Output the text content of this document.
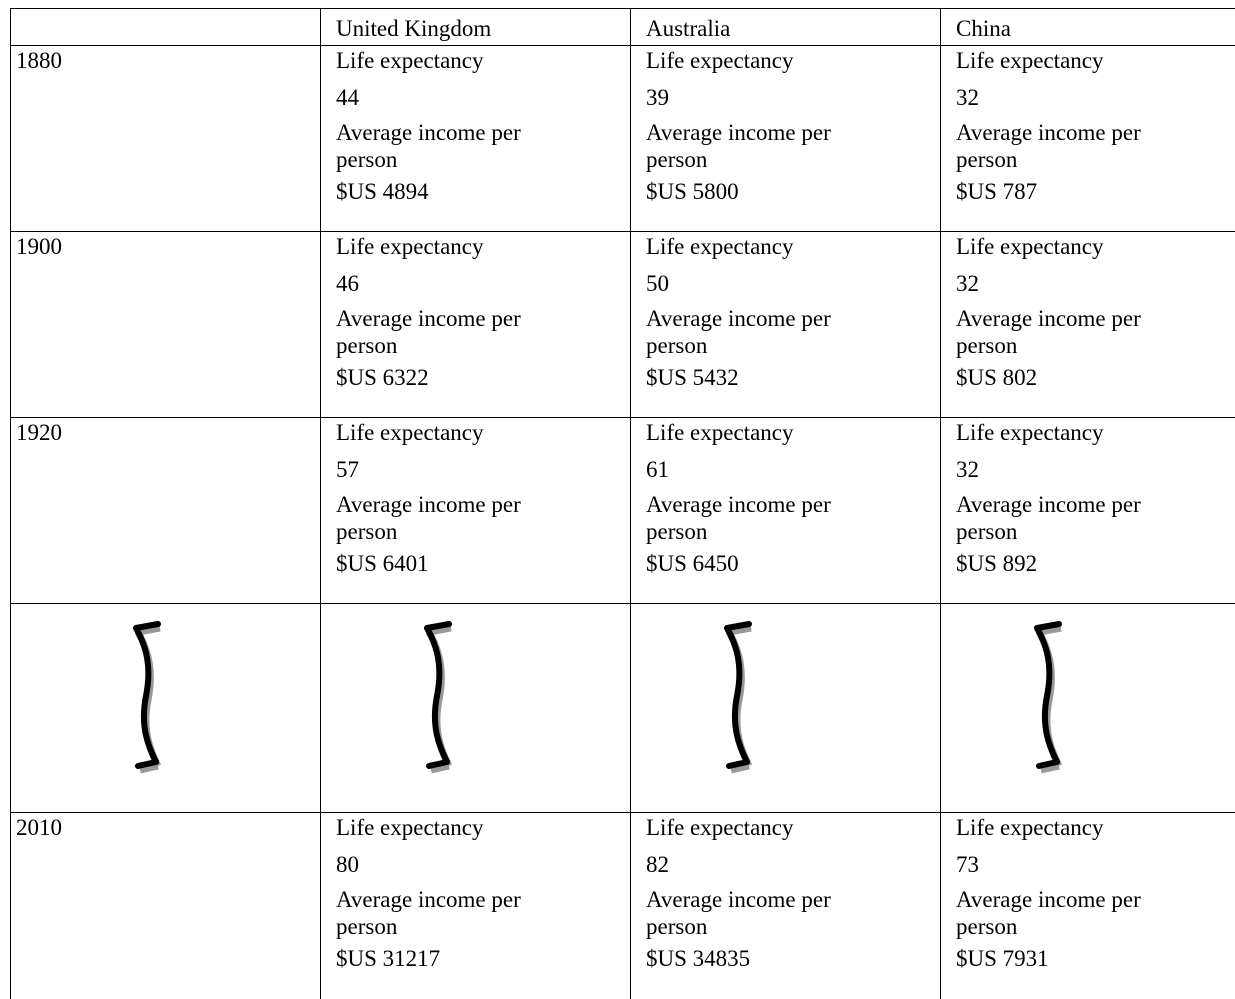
	United Kingdom	Australia	China
1880	Life expectancy
44
Average income per person
$US 4894	Life expectancy
39
Average income per person
$US 5800	Life expectancy
32
Average income per person
$US 787

1900	Life expectancy
46
Average income per person
$US 6322	Life expectancy
50
Average income per person
$US 5432	Life expectancy
32
Average income per person
$US 802

1920	Life expectancy
57
Average income per person
$US 6401	Life expectancy
61
Average income per person
$US 6450	Life expectancy
32
Average income per person
$US 892

2010	Life expectancy
80
Average income per person
$US 31217	Life expectancy
82
Average income per person
$US 34835	Life expectancy
73
Average income per person
$US 7931
